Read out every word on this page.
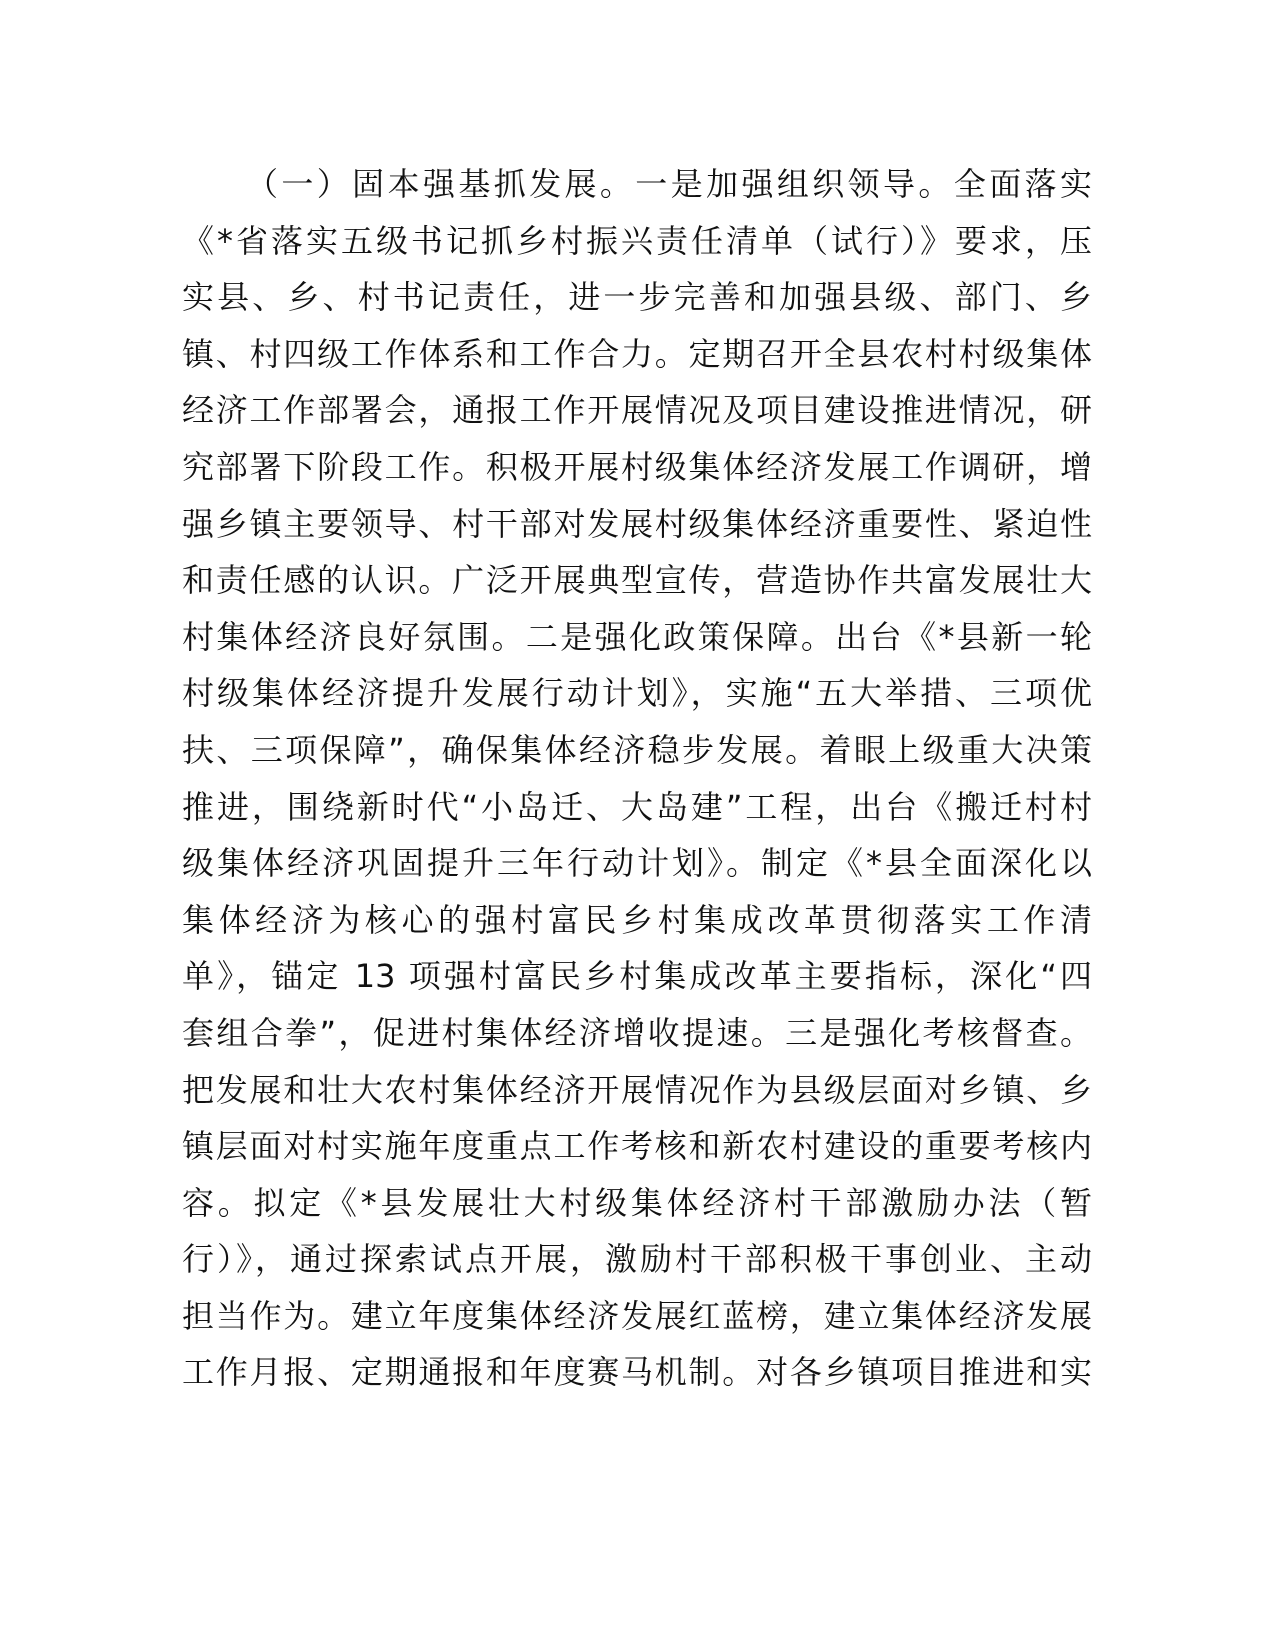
（一）固本强基抓发展。一是加强组织领导。全面落实
《*省落实五级书记抓乡村振兴责任清单（试行）》要求，压
实县、乡、村书记责任，进一步完善和加强县级、部门、乡
镇、村四级工作体系和工作合力。定期召开全县农村村级集体
经济工作部署会，通报工作开展情况及项目建设推进情况，研
究部署下阶段工作。积极开展村级集体经济发展工作调研，增
强乡镇主要领导、村干部对发展村级集体经济重要性、紧迫性
和责任感的认识。广泛开展典型宣传，营造协作共富发展壮大
村集体经济良好氛围。二是强化政策保障。出台《*县新一轮
村级集体经济提升发展行动计划》，实施“五大举措、三项优
扶、三项保障”，确保集体经济稳步发展。着眼上级重大决策
推进，围绕新时代“小岛迁、大岛建”工程，出台《搬迁村村
级集体经济巩固提升三年行动计划》。制定《*县全面深化以
集体经济为核心的强村富民乡村集成改革贯彻落实工作清
单》，锚定 13 项强村富民乡村集成改革主要指标，深化“四
套组合拳”，促进村集体经济增收提速。三是强化考核督查。
把发展和壮大农村集体经济开展情况作为县级层面对乡镇、乡
镇层面对村实施年度重点工作考核和新农村建设的重要考核内
容。拟定《*县发展壮大村级集体经济村干部激励办法（暂
行）》，通过探索试点开展，激励村干部积极干事创业、主动
担当作为。建立年度集体经济发展红蓝榜，建立集体经济发展
工作月报、定期通报和年度赛马机制。对各乡镇项目推进和实
